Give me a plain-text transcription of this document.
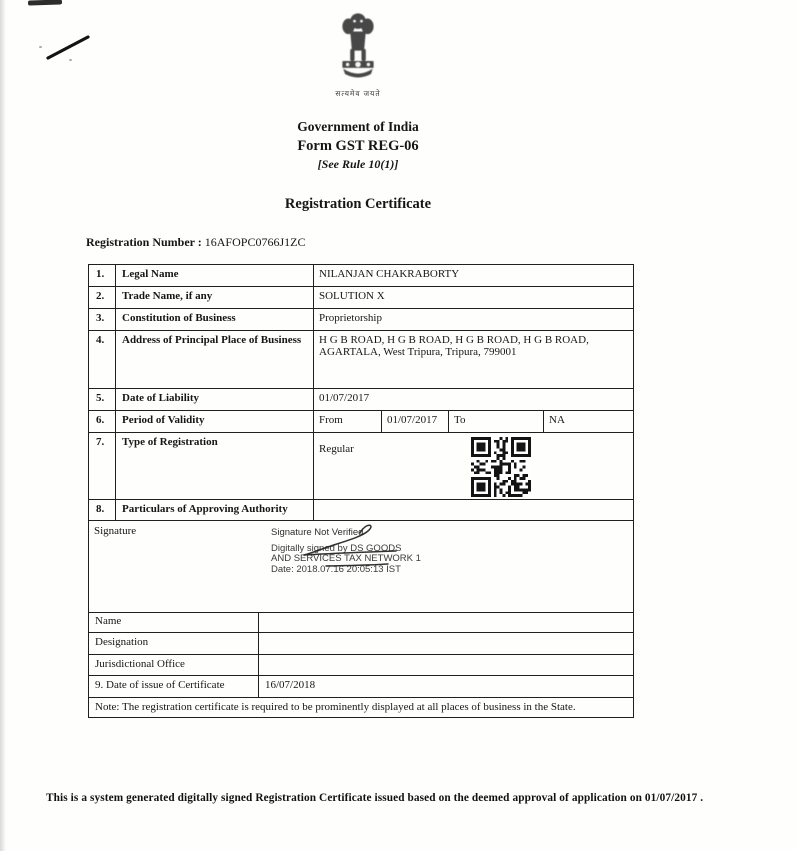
सत्यमेव जयते
Government of India
Form GST REG-06
[See Rule 10(1)]
Registration Certificate
Registration Number : 16AFOPC0766J1ZC
1.	Legal Name	NILANJAN CHAKRABORTY			
2.	Trade Name, if any	SOLUTION X			
3.	Constitution of Business	Proprietorship			
4.	Address of Principal Place of Business	H G B ROAD, H G B ROAD, H G B ROAD, H G B ROAD,
AGARTALA, West Tripura, Tripura, 799001			

5.	Date of Liability	01/07/2017			
6.	Period of Validity	From	01/07/2017	To	NA
7.	Type of Registration	Regular			

8.	Particulars of Approving Authority				
Signature Signature Not Verified
Digitally signed by DS GOODS
AND SERVICES TAX NETWORK 1
Date: 2018.07.16 20:05:13 IST					
Name	
Designation	
Jurisdictional Office	
9. Date of issue of Certificate	16/07/2018
Note: The registration certificate is required to be prominently displayed at all places of business in the State.	
This is a system generated digitally signed Registration Certificate issued based on the deemed approval of application on 01/07/2017 .
